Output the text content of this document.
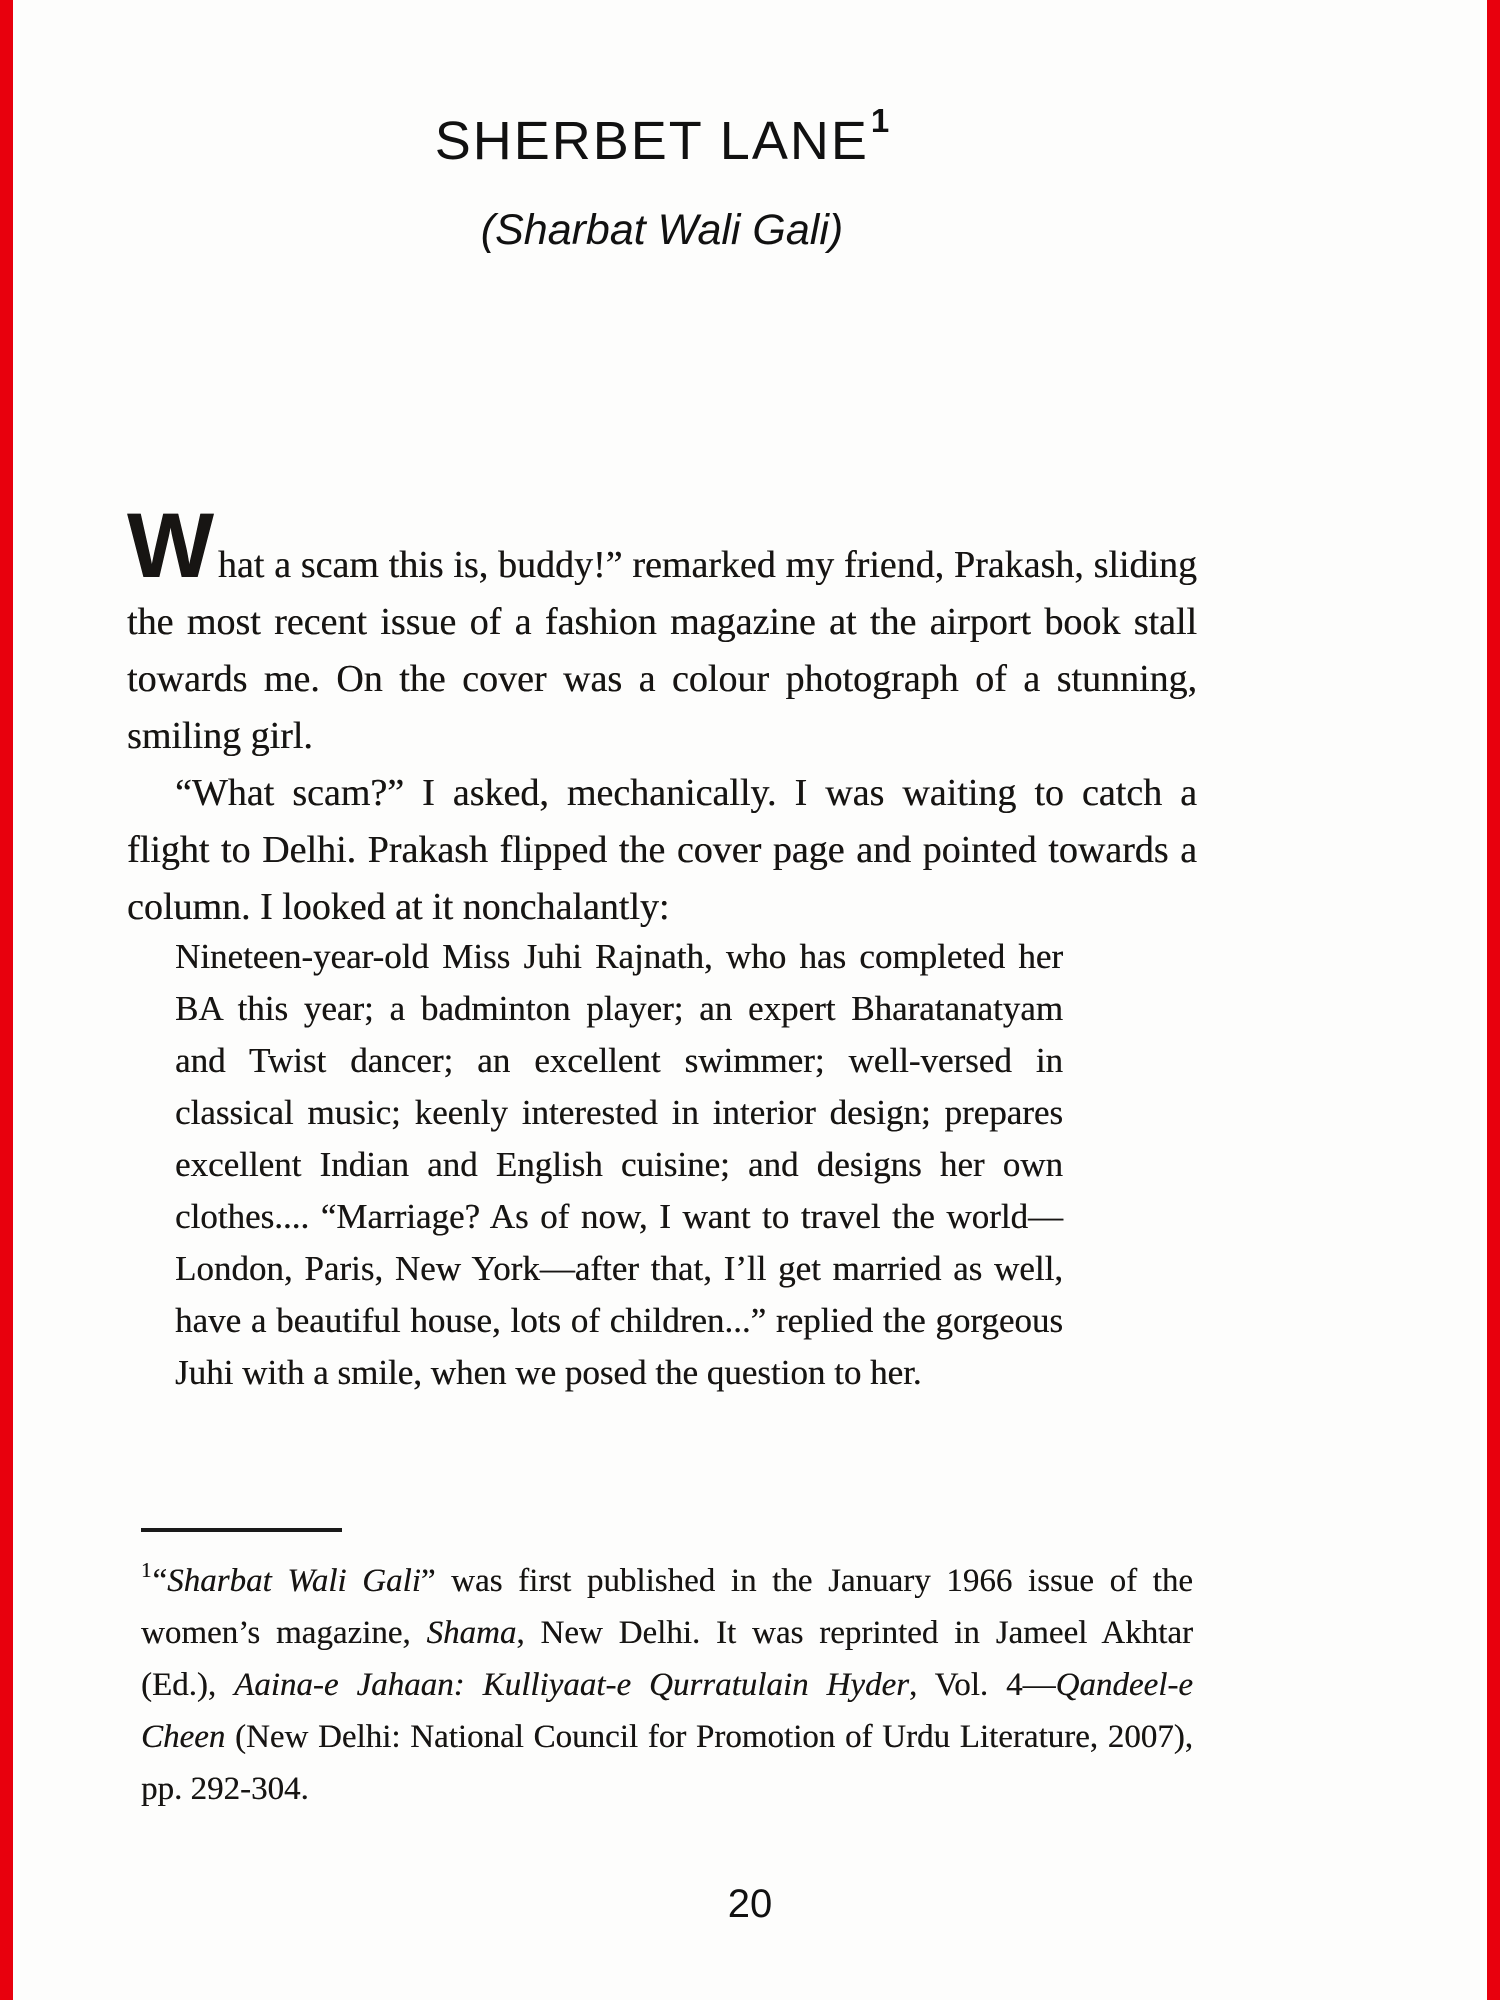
SHERBET LANE$^1$
(Sharbat Wali Gali)

What a scam this is, buddy!” remarked my friend, Prakash, sliding the most recent issue of a fashion magazine at the airport book stall towards me. On the cover was a colour photograph of a stunning, smiling girl.

“What scam?” I asked, mechanically. I was waiting to catch a flight to Delhi. Prakash flipped the cover page and pointed towards a column. I looked at it nonchalantly:

Nineteen-year-old Miss Juhi Rajnath, who has completed her BA this year; a badminton player; an expert Bharatanatyam and Twist dancer; an excellent swimmer; well-versed in classical music; keenly interested in interior design; prepares excellent Indian and English cuisine; and designs her own clothes.... “Marriage? As of now, I want to travel the world—London, Paris, New York—after that, I’ll get married as well, have a beautiful house, lots of children...” replied the gorgeous Juhi with a smile, when we posed the question to her.
$^1$“Sharbat Wali Gali” was first published in the January 1966 issue of the women’s magazine, Shama, New Delhi. It was reprinted in Jameel Akhtar (Ed.), Aaina-e Jahaan: Kulliyaat-e Qurratulain Hyder, Vol. 4—Qandeel-e Cheen (New Delhi: National Council for Promotion of Urdu Literature, 2007), pp. 292-304.
20
